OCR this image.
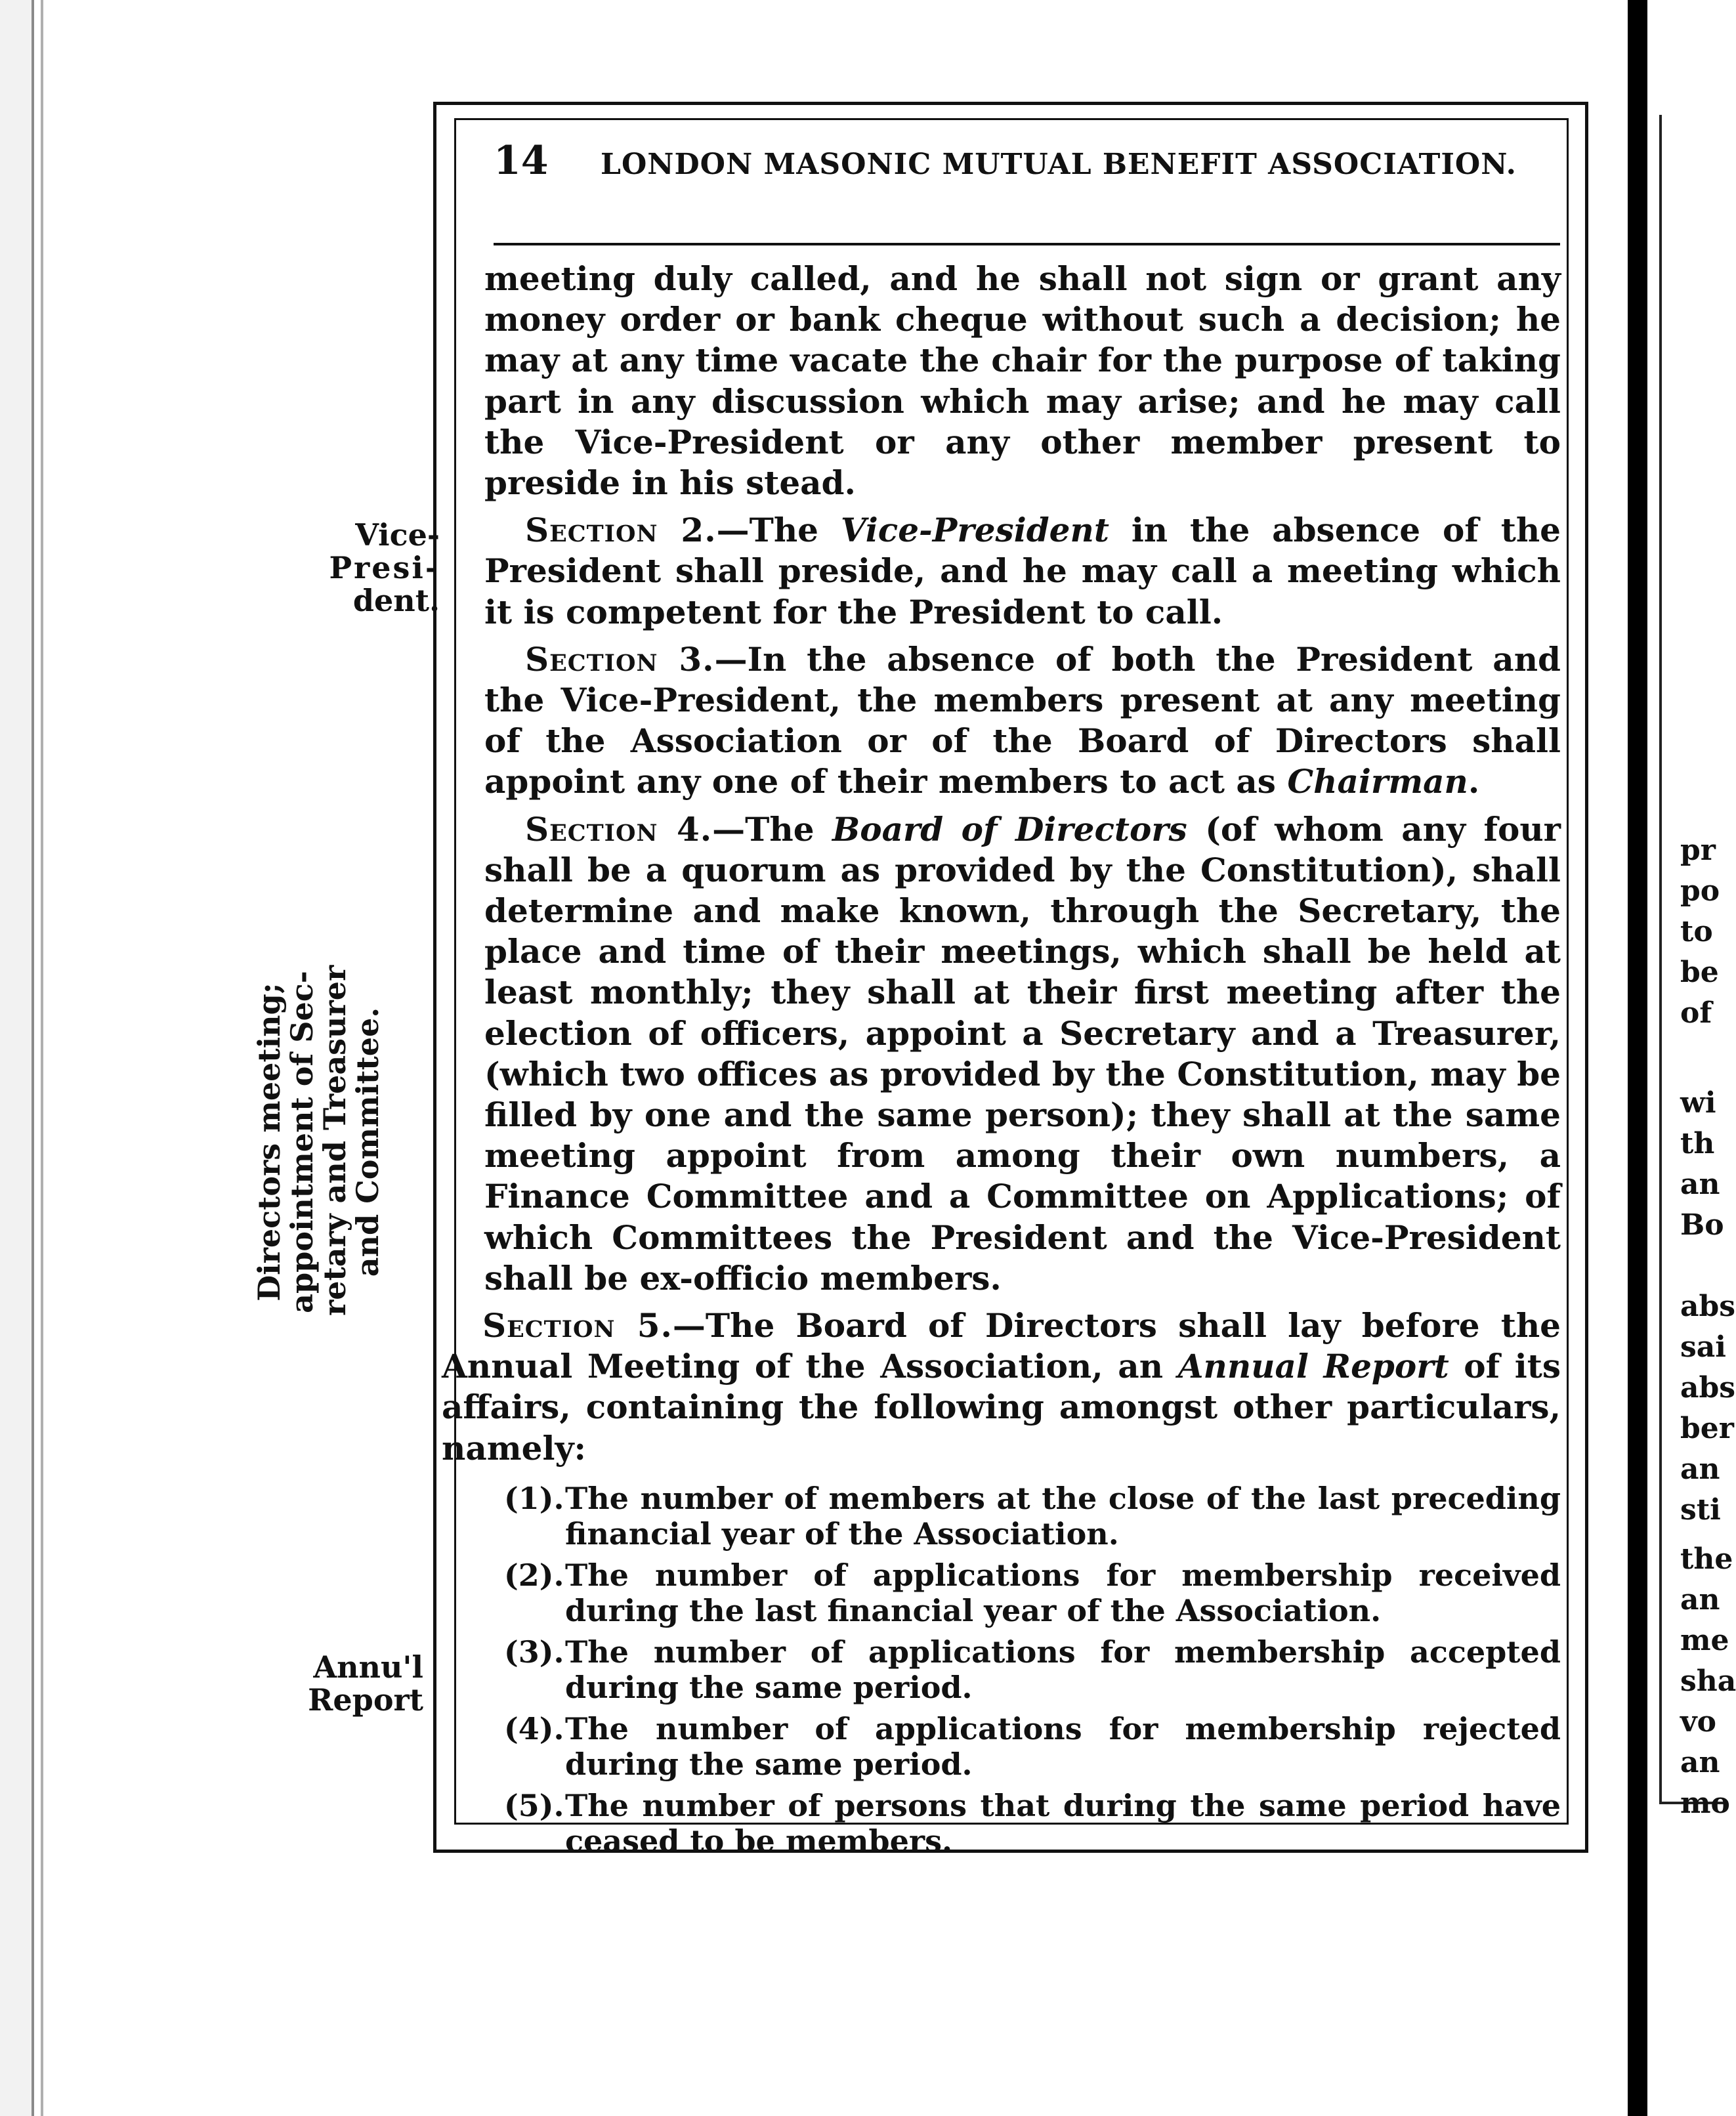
pr
po
to
be
of
wi
th
an
Bo
abs
sai
abs
ber
an
sti
the
an
me
sha
vo
an
mo
14 LONDON MASONIC MUTUAL BENEFIT ASSOCIATION.
Vice-
Presi-
dent.
Directors meeting;
appointment of Sec-
retary and Treasurer
and Committee.
Annu'l
Report

meeting duly called, and he shall not sign or grant any money order or bank cheque without such a decision; he may at any time vacate the chair for the purpose of taking part in any discussion which may arise; and he may call the Vice-President or any other member present to preside in his stead.

Section 2.—The Vice-President in the absence of the President shall preside, and he may call a meeting which it is competent for the President to call.

Section 3.—In the absence of both the President and the Vice-President, the members present at any meeting of the Association or of the Board of Directors shall appoint any one of their members to act as Chairman.

Section 4.—The Board of Directors (of whom any four shall be a quorum as provided by the Constitution), shall determine and make known, through the Secretary, the place and time of their meetings, which shall be held at least monthly; they shall at their first meeting after the election of officers, appoint a Secretary and a Treasurer, (which two offices as provided by the Constitution, may be filled by one and the same person); they shall at the same meeting appoint from among their own numbers, a Finance Committee and a Committee on Applications; of which Committees the President and the Vice-President shall be ex-officio members.

Section 5.—The Board of Directors shall lay before the Annual Meeting of the Association, an Annual Report of its affairs, containing the following amongst other particulars, namely:

(1). The number of members at the close of the last preceding financial year of the Association.
(2). The number of applications for membership received during the last financial year of the Association.
(3). The number of applications for membership accepted during the same period.
(4). The number of applications for membership rejected during the same period.
(5). The number of persons that during the same period have ceased to be members.
